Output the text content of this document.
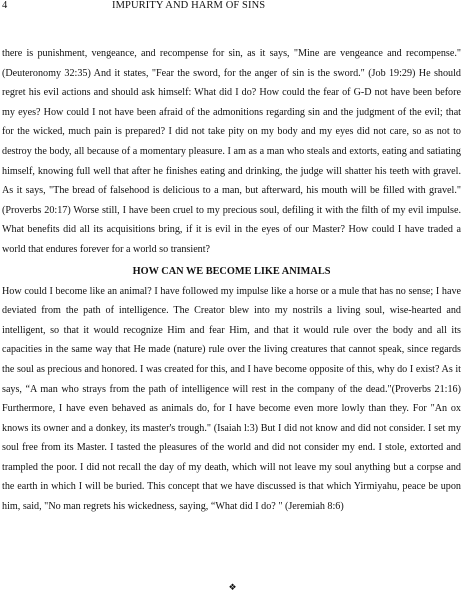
4	IMPURITY AND HARM OF SINS

there is punishment, vengeance, and recompense for sin, as it says, "Mine are vengeance and recompense." (Deuteronomy 32:35) And it states, "Fear the sword, for the anger of sin is the sword." (Job 19:29) He should regret his evil actions and should ask himself: What did I do? How could the fear of G-D not have been before my eyes? How could I not have been afraid of the admonitions regarding sin and the judgment of the evil; that for the wicked, much pain is prepared? I did not take pity on my body and my eyes did not care, so as not to destroy the body, all because of a momentary pleasure. I am as a man who steals and extorts, eating and satiating himself, knowing full well that after he finishes eating and drinking, the judge will shatter his teeth with gravel. As it says, "The bread of falsehood is delicious to a man, but afterward, his mouth will be filled with gravel." (Proverbs 20:17) Worse still, I have been cruel to my precious soul, defiling it with the filth of my evil impulse. What benefits did all its acquisitions bring, if it is evil in the eyes of our Master? How could I have traded a world that endures forever for a world so transient?

HOW CAN WE BECOME LIKE ANIMALS

How could I become like an animal? I have followed my impulse like a horse or a mule that has no sense; I have deviated from the path of intelligence. The Creator blew into my nostrils a living soul, wise-hearted and intelligent, so that it would recognize Him and fear Him, and that it would rule over the body and all its capacities in the same way that He made (nature) rule over the living creatures that cannot speak, since regards the soul as precious and honored. I was created for this, and I have become opposite of this, why do I exist? As it says, “A man who strays from the path of intelligence will rest in the company of the dead."(Proverbs 21:16) Furthermore, I have even behaved as animals do, for I have become even more lowly than they. For "An ox knows its owner and a donkey, its master's trough." (Isaiah l:3) But I did not know and did not consider. I set my soul free from its Master. I tasted the pleasures of the world and did not consider my end. I stole, extorted and trampled the poor. I did not recall the day of my death, which will not leave my soul anything but a corpse and the earth in which I will be buried. This concept that we have discussed is that which Yirmiyahu, peace be upon him, said, "No man regrets his wickedness, saying, “What did I do? " (Jeremiah 8:6)

❖
